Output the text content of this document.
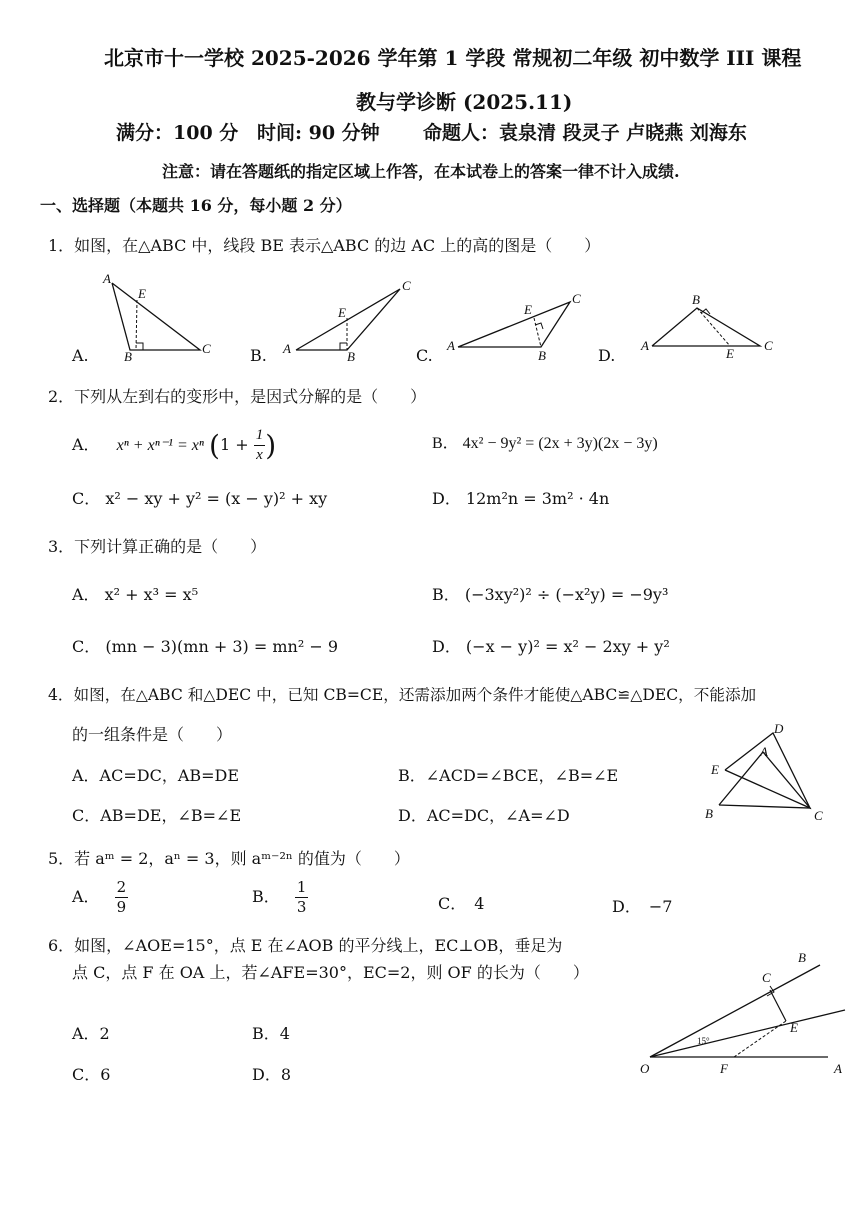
北京市十一学校 2025-2026 学年第 1 学段 常规初二年级 初中数学 III 课程
教与学诊断 (2025.11)
满分：100 分 时间: 90 分钟 命题人：袁泉清 段灵子 卢晓燕 刘海东
注意：请在答题纸的指定区域上作答，在本试卷上的答案一律不计入成绩.
一、选择题（本题共 16 分，每小题 2 分）
1．如图，在△ABC 中，线段 BE 表示△ABC 的边 AC 上的高的图是（　　）
A
E
B
C	A
E
B
C
A
E
B
C
A
B
E
C
A.	B.	C.	D.
2．下列从左到右的变形中，是因式分解的是（　　）
A． xⁿ + xⁿ⁻¹ = xⁿ ($1 + \frac{1}{x}$ )	B． 4x² − 9y² = (2x + 3y)(2x − 3y)
C． x² − xy + y² = (x − y)² + xy	D． 12m²n = 3m² · 4n
3．下列计算正确的是（　　）
A． x² + x³ = x⁵	B． (−3xy²)² ÷ (−x²y) = −9y³
C． (mn − 3)(mn + 3) = mn² − 9	D． (−x − y)² = x² − 2xy + y²
4．如图，在△ABC 和△DEC 中，已知 CB=CE，还需添加两个条件才能使△ABC≌△DEC，不能添加
的一组条件是（　　）
A．AC=DC，AB=DE	B．∠ACD=∠BCE，∠B=∠E
C．AB=DE，∠B=∠E	D．AC=DC，∠A=∠D
D
A
E
B	C
5．若 aᵐ = 2，aⁿ = 3，则 aᵐ⁻²ⁿ 的值为（　　）
A． $\frac{2}{9}$	B． $\frac{1}{3}$	C．　4	D．　−7
6．如图，∠AOE=15°，点 E 在∠AOB 的平分线上，EC⊥OB，垂足为
点 C，点 F 在 OA 上，若∠AFE=30°，EC=2，则 OF 的长为（　　）
A．2	B．4
C．6	D．8
B
C
E
O	F	A
15°
